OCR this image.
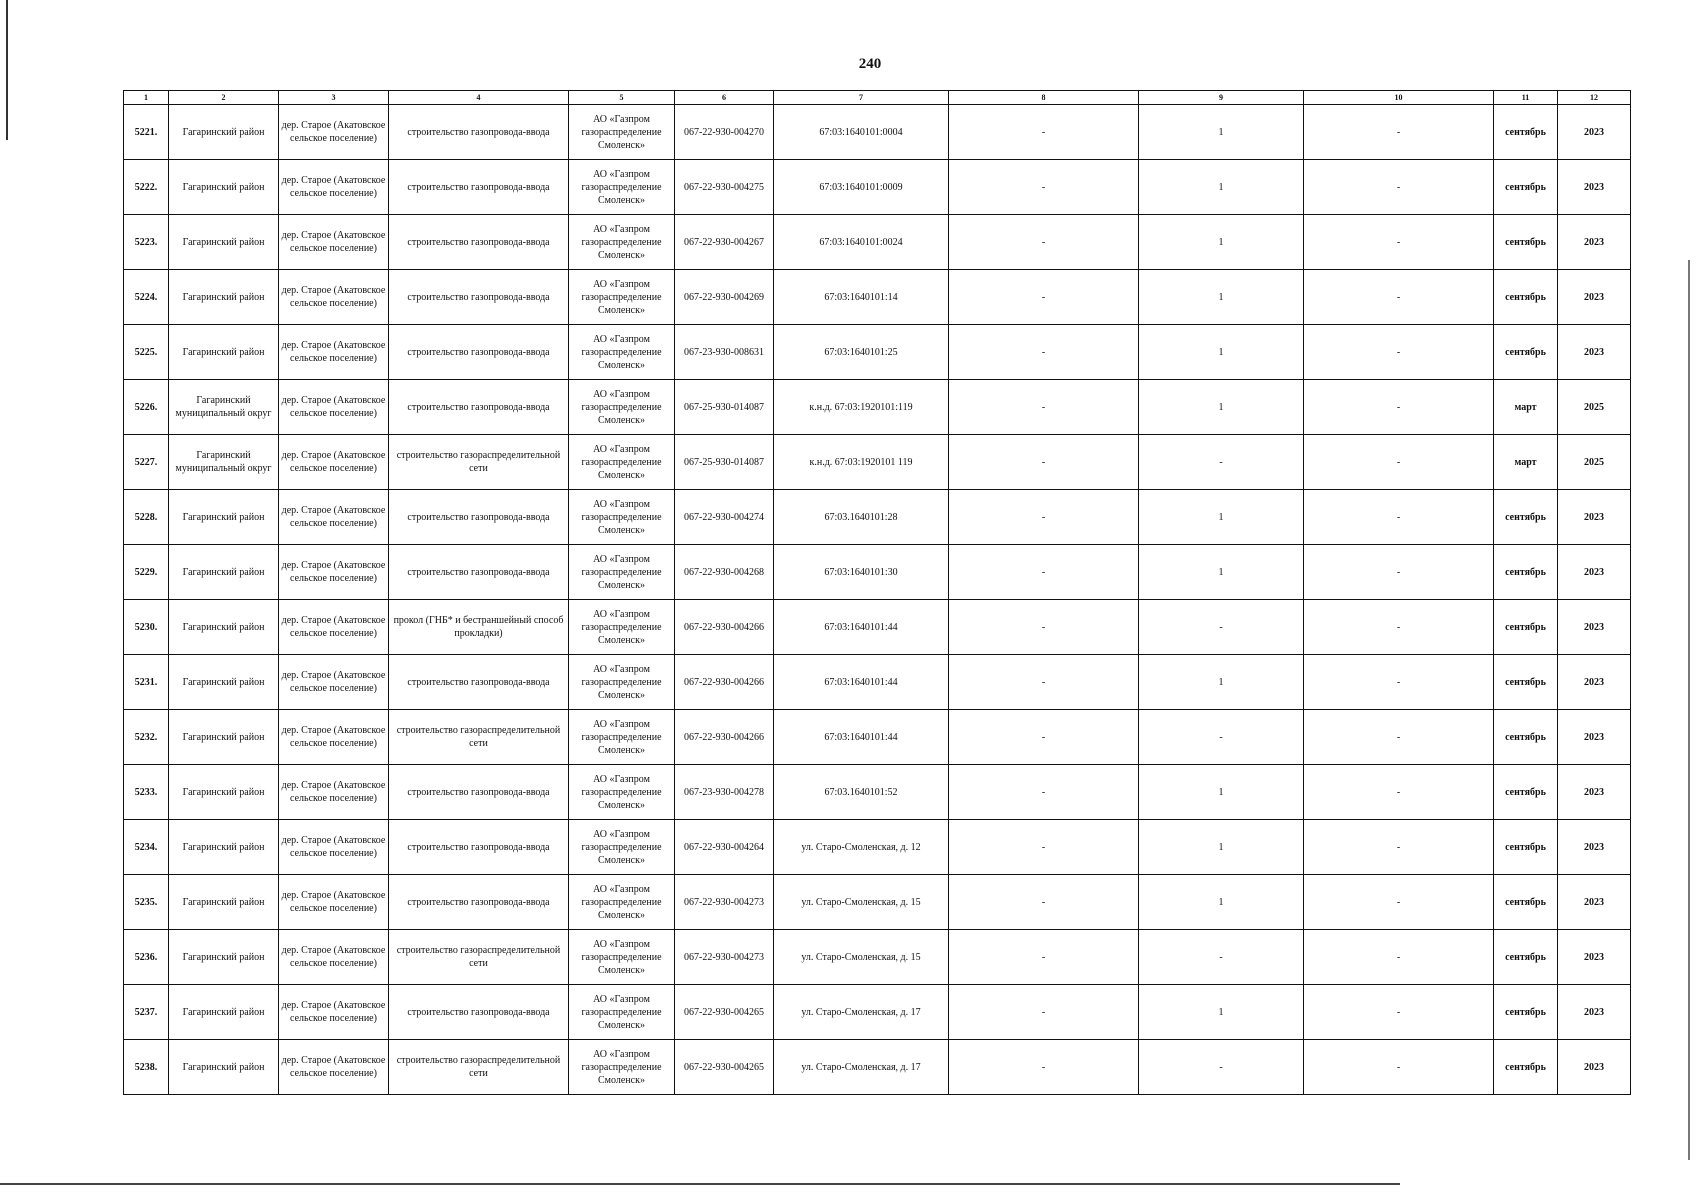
240
1	2	3	4	5	6	7	8	9	10	11	12
5221.	Гагаринский район	дер. Старое (Акатовское сельское поселение)	строительство газопровода-ввода	АО «Газпром газораспределение Смоленск»	067-22-930-004270	67:03:1640101:0004	-	1	-	сентябрь	2023
5222.	Гагаринский район	дер. Старое (Акатовское сельское поселение)	строительство газопровода-ввода	АО «Газпром газораспределение Смоленск»	067-22-930-004275	67:03:1640101:0009	-	1	-	сентябрь	2023
5223.	Гагаринский район	дер. Старое (Акатовское сельское поселение)	строительство газопровода-ввода	АО «Газпром газораспределение Смоленск»	067-22-930-004267	67:03:1640101:0024	-	1	-	сентябрь	2023
5224.	Гагаринский район	дер. Старое (Акатовское сельское поселение)	строительство газопровода-ввода	АО «Газпром газораспределение Смоленск»	067-22-930-004269	67:03:1640101:14	-	1	-	сентябрь	2023
5225.	Гагаринский район	дер. Старое (Акатовское сельское поселение)	строительство газопровода-ввода	АО «Газпром газораспределение Смоленск»	067-23-930-008631	67:03:1640101:25	-	1	-	сентябрь	2023
5226.	Гагаринский муниципальный округ	дер. Старое (Акатовское сельское поселение)	строительство газопровода-ввода	АО «Газпром газораспределение Смоленск»	067-25-930-014087	к.н.д. 67:03:1920101:119	-	1	-	март	2025
5227.	Гагаринский муниципальный округ	дер. Старое (Акатовское сельское поселение)	строительство газораспределительной сети	АО «Газпром газораспределение Смоленск»	067-25-930-014087	к.н.д. 67:03:1920101 119	-	-	-	март	2025
5228.	Гагаринский район	дер. Старое (Акатовское сельское поселение)	строительство газопровода-ввода	АО «Газпром газораспределение Смоленск»	067-22-930-004274	67:03.1640101:28	-	1	-	сентябрь	2023
5229.	Гагаринский район	дер. Старое (Акатовское сельское поселение)	строительство газопровода-ввода	АО «Газпром газораспределение Смоленск»	067-22-930-004268	67:03:1640101:30	-	1	-	сентябрь	2023
5230.	Гагаринский район	дер. Старое (Акатовское сельское поселение)	прокол (ГНБ* и бестраншейный способ прокладки)	АО «Газпром газораспределение Смоленск»	067-22-930-004266	67:03:1640101:44	-	-	-	сентябрь	2023
5231.	Гагаринский район	дер. Старое (Акатовское сельское поселение)	строительство газопровода-ввода	АО «Газпром газораспределение Смоленск»	067-22-930-004266	67:03:1640101:44	-	1	-	сентябрь	2023
5232.	Гагаринский район	дер. Старое (Акатовское сельское поселение)	строительство газораспределительной сети	АО «Газпром газораспределение Смоленск»	067-22-930-004266	67:03:1640101:44	-	-	-	сентябрь	2023
5233.	Гагаринский район	дер. Старое (Акатовское сельское поселение)	строительство газопровода-ввода	АО «Газпром газораспределение Смоленск»	067-23-930-004278	67:03.1640101:52	-	1	-	сентябрь	2023
5234.	Гагаринский район	дер. Старое (Акатовское сельское поселение)	строительство газопровода-ввода	АО «Газпром газораспределение Смоленск»	067-22-930-004264	ул. Старо-Смоленская, д. 12	-	1	-	сентябрь	2023
5235.	Гагаринский район	дер. Старое (Акатовское сельское поселение)	строительство газопровода-ввода	АО «Газпром газораспределение Смоленск»	067-22-930-004273	ул. Старо-Смоленская, д. 15	-	1	-	сентябрь	2023
5236.	Гагаринский район	дер. Старое (Акатовское сельское поселение)	строительство газораспределительной сети	АО «Газпром газораспределение Смоленск»	067-22-930-004273	ул. Старо-Смоленская, д. 15	-	-	-	сентябрь	2023
5237.	Гагаринский район	дер. Старое (Акатовское сельское поселение)	строительство газопровода-ввода	АО «Газпром газораспределение Смоленск»	067-22-930-004265	ул. Старо-Смоленская, д. 17	-	1	-	сентябрь	2023
5238.	Гагаринский район	дер. Старое (Акатовское сельское поселение)	строительство газораспределительной сети	АО «Газпром газораспределение Смоленск»	067-22-930-004265	ул. Старо-Смоленская, д. 17	-	-	-	сентябрь	2023
